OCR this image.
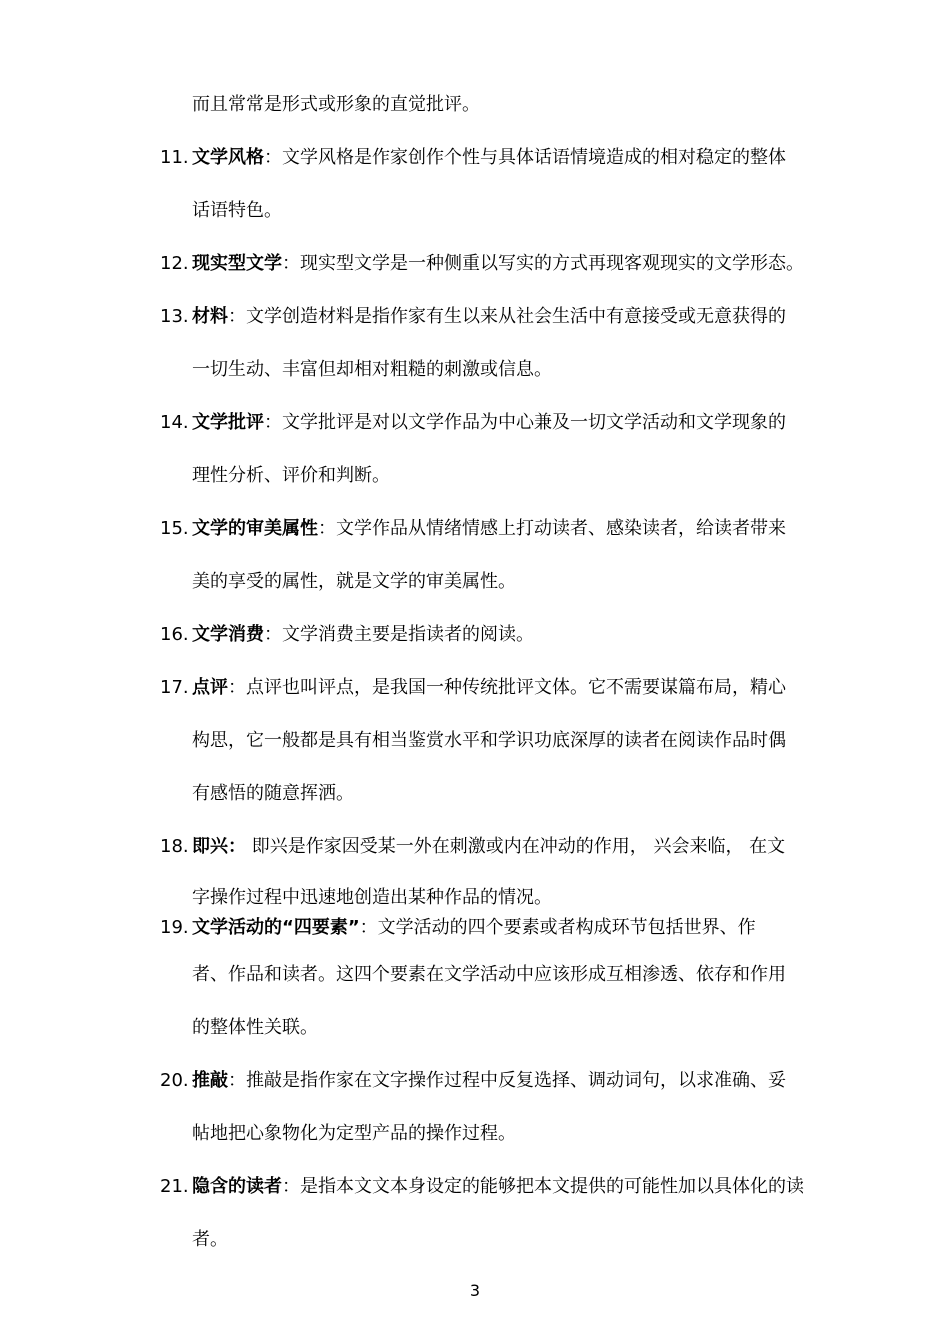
而且常常是形式或形象的直觉批评。
11. 文学风格：文学风格是作家创作个性与具体话语情境造成的相对稳定的整体
话语特色。
12. 现实型文学：现实型文学是一种侧重以写实的方式再现客观现实的文学形态。
13. 材料：文学创造材料是指作家有生以来从社会生活中有意接受或无意获得的
一切生动、丰富但却相对粗糙的刺激或信息。
14. 文学批评：文学批评是对以文学作品为中心兼及一切文学活动和文学现象的
理性分析、评价和判断。
15. 文学的审美属性：文学作品从情绪情感上打动读者、感染读者，给读者带来
美的享受的属性，就是文学的审美属性。
16. 文学消费：文学消费主要是指读者的阅读。
17. 点评：点评也叫评点，是我国一种传统批评文体。它不需要谋篇布局，精心
构思，它一般都是具有相当鉴赏水平和学识功底深厚的读者在阅读作品时偶
有感悟的随意挥洒。
18. 即兴： 即兴是作家因受某一外在刺激或内在冲动的作用， 兴会来临， 在文
字操作过程中迅速地创造出某种作品的情况。
19. 文学活动的“四要素”：文学活动的四个要素或者构成环节包括世界、作
者、作品和读者。这四个要素在文学活动中应该形成互相渗透、依存和作用
的整体性关联。
20. 推敲：推敲是指作家在文字操作过程中反复选择、调动词句，以求准确、妥
帖地把心象物化为定型产品的操作过程。
21. 隐含的读者：是指本文文本身设定的能够把本文提供的可能性加以具体化的读
者。
3
